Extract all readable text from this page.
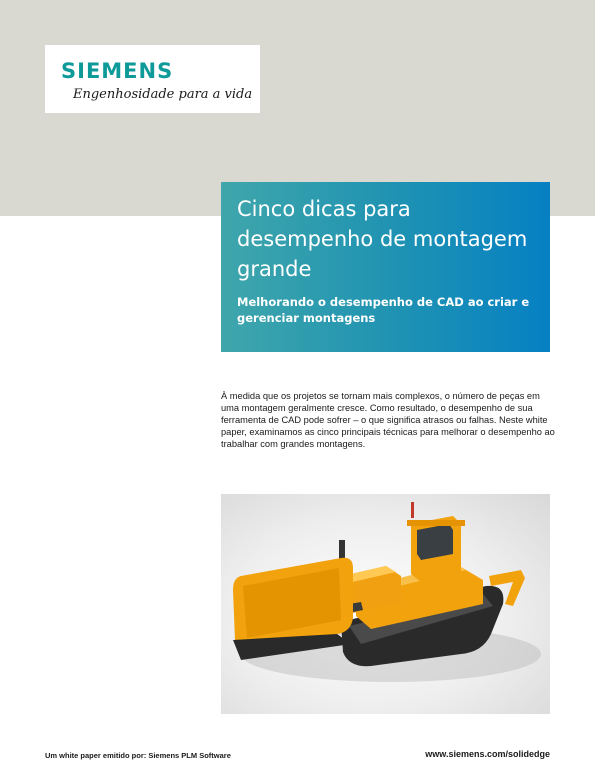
SIEMENS
Engenhosidade para a vida
Cinco dicas para desempenho de montagem grande
Melhorando o desempenho de CAD ao criar e gerenciar montagens
À medida que os projetos se tornam mais complexos, o número de peças em uma montagem geralmente cresce. Como resultado, o desempenho de sua ferramenta de CAD pode sofrer – o que significa atrasos ou falhas. Neste white paper, examinamos as cinco principais técnicas para melhorar o desempenho ao trabalhar com grandes montagens.
Um white paper emitido por: Siemens PLM Software	www.siemens.com/solidedge
